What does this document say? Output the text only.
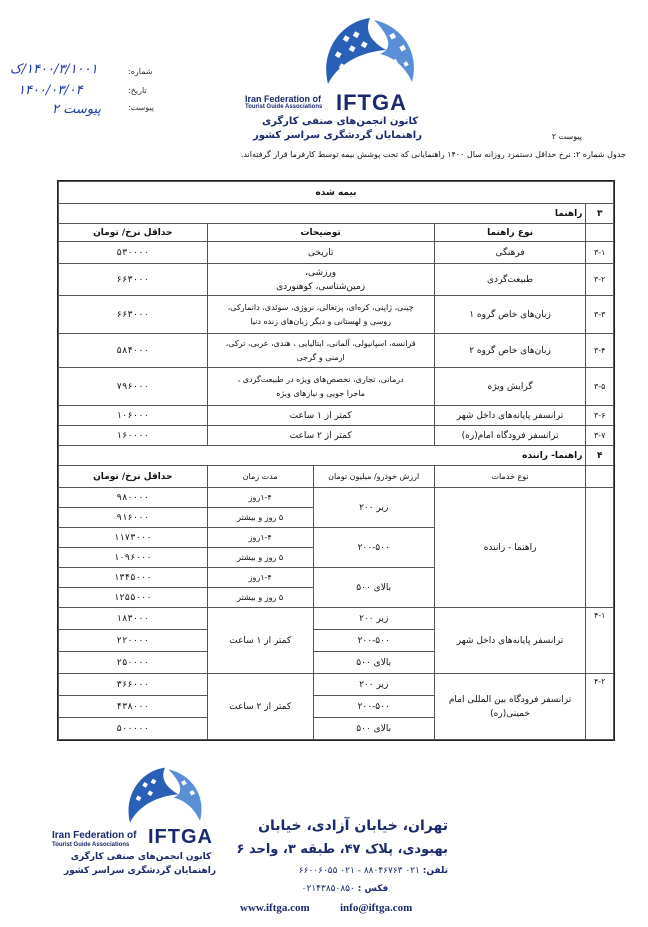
۱۴۰۰/۳/۱۰۰۱/ک
۱۴۰۰/۰۳/۰۴
پیوست ۲
شماره:
تاریخ:
پیوست:
Iran Federation of
Tourist Guide Associations IFTGA
کانون انجمن‌های صنفی کارگری
راهنمایان گردشگری سراسر کشور	پیوست ۲
جدول شماره ۲: نرخ حداقل دستمزد روزانه سال ۱۴۰۰ راهنمایانی که تحت پوشش بیمه توسط کارفرما قرار گرفته‌اند.
بیمه شده				
۳	راهنما			
	نوع راهنما	توضیحات		حداقل نرخ/ تومان
۳-۱	فرهنگی	تاریخی		۵۳۰۰۰۰
۳-۲	طبیعت‌گردی	ورزشی،
زمین‌شناسی، کوهنوردی		۶۶۳۰۰۰
۳-۳	زبان‌های خاص گروه ۱	چینی، ژاپنی، کره‌ای، پرتغالی، نروژی، سوئدی، دانمارکی،
روسی و لهستانی و دیگر زبان‌های زنده دنیا		۶۶۳۰۰۰
۳-۴	زبان‌های خاص گروه ۲	فرانسه، اسپانیولی، آلمانی، ایتالیایی ، هندی، عربی، ترکی،
ارمنی و گرجی		۵۸۴۰۰۰
۳-۵	گرایش ویژه	درمانی، تجاری، تخصص‌های ویژه در طبیعت‌گردی ،
ماجرا جویی و نیازهای ویژه		۷۹۶۰۰۰
۳-۶	ترانسفر پایانه‌های داخل شهر	کمتر از ۱ ساعت		۱۰۶۰۰۰
۳-۷	ترانسفر فرودگاه امام(ره)	کمتر از ۲ ساعت		۱۶۰۰۰۰
۴	راهنما- راننده			
	نوع خدمات	ارزش خودرو/ میلیون تومان	مدت زمان	حداقل نرخ/ تومان
	راهنما - راننده	زیر ۲۰۰	۱-۴روز	۹۸۰۰۰۰
			۵ روز و بیشتر	۹۱۶۰۰۰
		۲۰۰-۵۰۰	۱-۴روز	۱۱۷۳۰۰۰
			۵ روز و بیشتر	۱۰۹۶۰۰۰
		بالای ۵۰۰	۱-۴روز	۱۳۴۵۰۰۰
			۵ روز و بیشتر	۱۲۵۵۰۰۰
۴-۱	ترانسفر پایانه‌های داخل شهر	زیر ۲۰۰	کمتر از ۱ ساعت	۱۸۳۰۰۰
		۲۰۰-۵۰۰		۲۲۰۰۰۰
		بالای ۵۰۰		۲۵۰۰۰۰
۴-۲	ترانسفر فرودگاه بین المللی امام خمینی(ره)	زیر ۲۰۰	کمتر از ۲ ساعت	۳۶۶۰۰۰
		۲۰۰-۵۰۰		۴۳۸۰۰۰
		بالای ۵۰۰		۵۰۰۰۰۰
Iran Federation of
Tourist Guide Associations IFTGA
کانون انجمن‌های صنفی کارگری
راهنمایان گردشگری سراسر کشور
تهران، خیابان آزادی، خیابان
بهبودی، پلاک ۴۷، طبقه ۳، واحد ۶
تلفن: ۰۲۱ ۸۸۰۴۶۷۶۳ - ۰۲۱ ۶۶۰۰۶۰۵۵
فکس : ۰۲۱۴۳۸۵۰۸۵۰
www.iftga.com	info@iftga.com
